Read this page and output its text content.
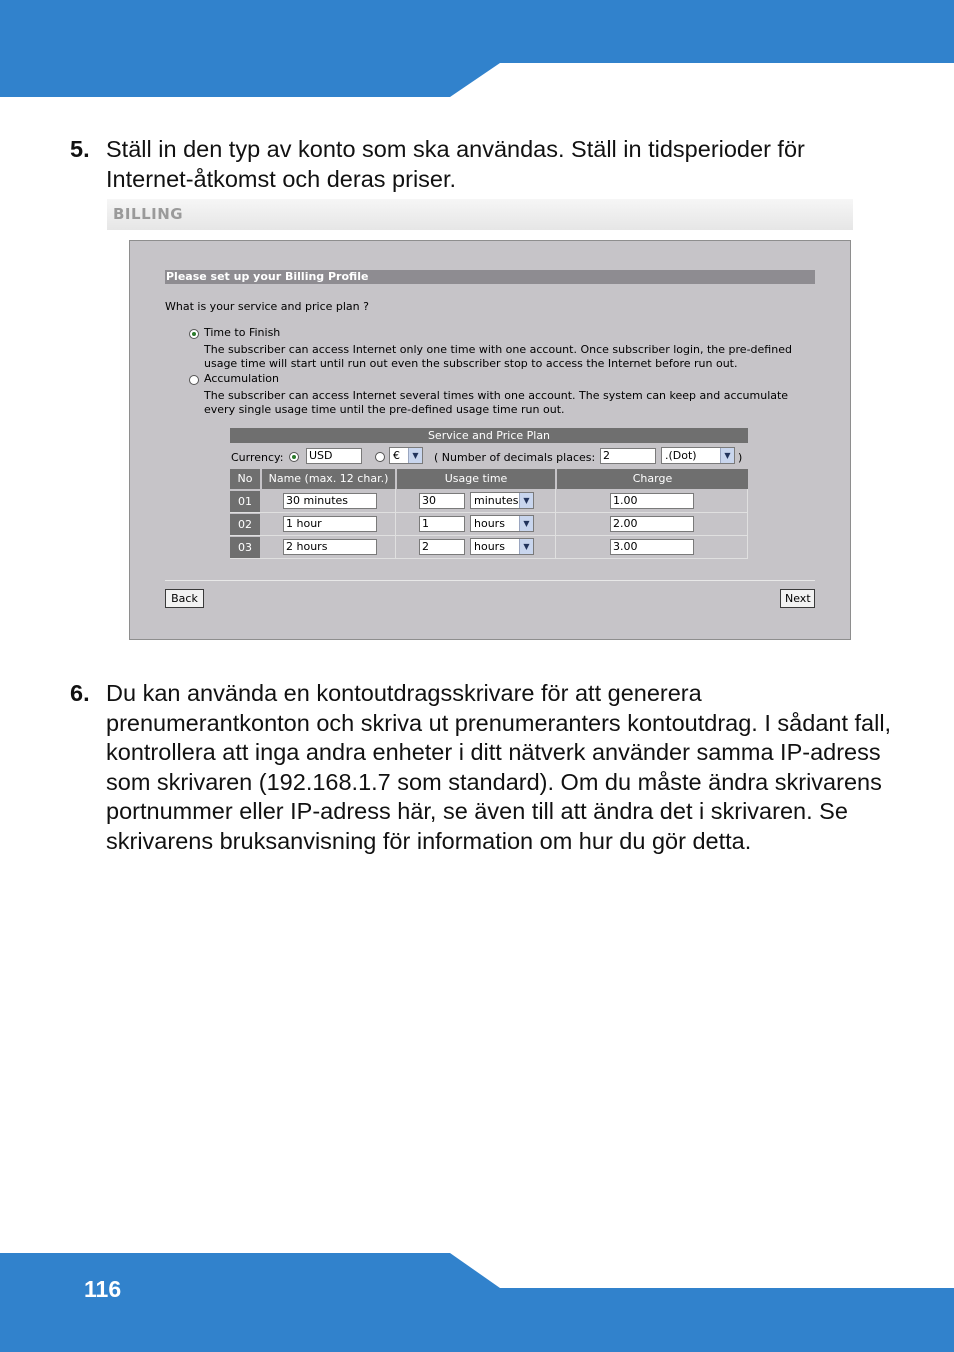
5. Ställ in den typ av konto som ska användas. Ställ in tidsperioder för Internet-åtkomst och deras priser.
BILLING
Please set up your Billing Profile
What is your service and price plan ?
Time to Finish
The subscriber can access Internet only one time with one account. Once subscriber login, the pre-defined
usage time will start until run out even the subscriber stop to access the Internet before run out.
Accumulation
The subscriber can access Internet several times with one account. The system can keep and accumulate
every single usage time until the pre-defined usage time run out.
Service and Price Plan
Currency: USD	€	▼	( Number of decimals places: 2	.(Dot)	▼ )
No	Name (max. 12 char.)	Usage time	Charge
01	30 minutes	30	minutes ▼	1.00
02	1 hour	1	hours	▼	2.00
03	2 hours	2	hours	▼	3.00
Back	Next
6. Du kan använda en kontoutdragsskrivare för att generera prenumerantkonton och skriva ut prenumeranters kontoutdrag. I sådant fall, kontrollera att inga andra enheter i ditt nätverk använder samma IP-adress som skrivaren (192.168.1.7 som standard). Om du måste ändra skrivarens portnummer eller IP-adress här, se även till att ändra det i skrivaren. Se skrivarens bruksanvisning för information om hur du gör detta.
116
